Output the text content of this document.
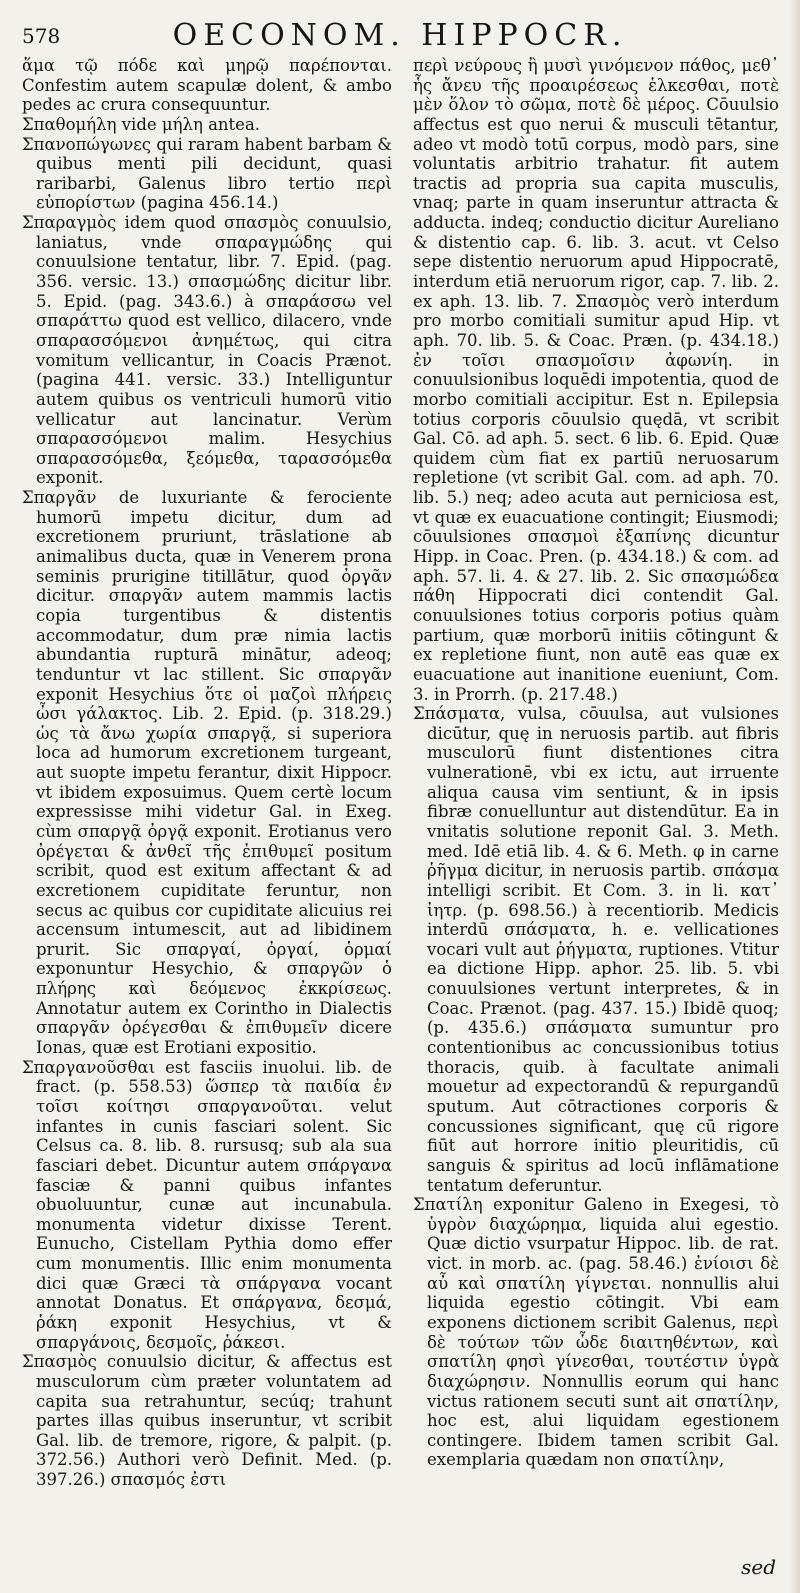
578	OECONOM. HIPPOCR.

ἅμα τῷ πόδε καὶ μηρῷ παρέπονται. Confestim autem scapulæ dolent, & ambo pedes ac crura consequuntur.

Σπαθομήλη vide μήλη antea.

Σπανοπώγωνες qui raram habent barbam & quibus menti pili decidunt, quasi raribarbi, Galenus libro tertio περὶ εὐπορίστων (pagina 456.14.)

Σπαραγμὸς idem quod σπασμὸς conuulsio, laniatus, vnde σπαραγμώδης qui conuulsione tentatur, libr. 7. Epid. (pag. 356. versic. 13.) σπασμώδης dicitur libr. 5. Epid. (pag. 343.6.) à σπαράσσω vel σπαράττω quod est vellico, dilacero, vnde σπαρασσόμενοι ἀνημέτως, qui citra vomitum vellicantur, in Coacis Prænot. (pagina 441. versic. 33.) Intelliguntur autem quibus os ventriculi humorū vitio vellicatur aut lancinatur. Verùm σπαρασσόμενοι malim. Hesychius σπαρασσόμεθα, ξεόμεθα, ταρασσόμεθα exponit.

Σπαργᾶν de luxuriante & ferociente humorū impetu dicitur, dum ad excretionem pruriunt, trāslatione ab animalibus ducta, quæ in Venerem prona seminis prurigine titillātur, quod ὀργᾶν dicitur. σπαργᾶν autem mammis lactis copia turgentibus & distentis accommodatur, dum præ nimia lactis abundantia rupturā minātur, adeoq; tenduntur vt lac stillent. Sic σπαργᾶν exponit Hesychius ὅτε οἱ μαζοὶ πλήρεις ὦσι γάλακτος. Lib. 2. Epid. (p. 318.29.) ὡς τὰ ἄνω χωρία σπαργᾷ, si superiora loca ad humorum excretionem turgeant, aut suopte impetu ferantur, dixit Hippocr. vt ibidem exposuimus. Quem certè locum expressisse mihi videtur Gal. in Exeg. cùm σπαργᾷ ὀργᾷ exponit. Erotianus vero ὀρέγεται & ἀνθεῖ τῆς ἐπιθυμεῖ positum scribit, quod est exitum affectant & ad excretionem cupiditate feruntur, non secus ac quibus cor cupiditate alicuius rei accensum intumescit, aut ad libidinem prurit. Sic σπαργαί, ὀργαί, ὁρμαί exponuntur Hesychio, & σπαργῶν ὁ πλήρης καὶ δεόμενος ἐκκρίσεως. Annotatur autem ex Corintho in Dialectis σπαργᾶν ὀρέγεσθαι & ἐπιθυμεῖν dicere Ionas, quæ est Erotiani expositio.

Σπαργανοῦσθαι est fasciis inuolui. lib. de fract. (p. 558.53) ὥσπερ τὰ παιδία ἐν τοῖσι κοίτησι σπαργανοῦται. velut infantes in cunis fasciari solent. Sic Celsus ca. 8. lib. 8. rursusq; sub ala sua fasciari debet. Dicuntur autem σπάργανα fasciæ & panni quibus infantes obuoluuntur, cunæ aut incunabula. monumenta videtur dixisse Terent. Eunucho, Cistellam Pythia domo effer cum monumentis. Illic enim monumenta dici quæ Græci τὰ σπάργανα vocant annotat Donatus. Et σπάργανα, δεσμά, ῥάκη exponit Hesychius, vt & σπαργάνοις, δεσμοῖς, ῥάκεσι.

Σπασμὸς conuulsio dicitur, & affectus est musculorum cùm præter voluntatem ad capita sua retrahuntur, secúq; trahunt partes illas quibus inseruntur, vt scribit Gal. lib. de tremore, rigore, & palpit. (p. 372.56.) Authori verò Definit. Med. (p. 397.26.) σπασμός ἐστι

περὶ νεύρους ἢ μυσὶ γινόμενον πάθος, μεθ᾽ ἧς ἄνευ τῆς προαιρέσεως ἑλκεσθαι, ποτὲ μὲν ὅλον τὸ σῶμα, ποτὲ δὲ μέρος. Cōuulsio affectus est quo nerui & musculi tētantur, adeo vt modò totū corpus, modò pars, sine voluntatis arbitrio trahatur. fit autem tractis ad propria sua capita musculis, vnaq; parte in quam inseruntur attracta & adducta. indeq; conductio dicitur Aureliano & distentio cap. 6. lib. 3. acut. vt Celso sepe distentio neruorum apud Hippocratē, interdum etiā neruorum rigor, cap. 7. lib. 2. ex aph. 13. lib. 7. Σπασμὸς verò interdum pro morbo comitiali sumitur apud Hip. vt aph. 70. lib. 5. & Coac. Præn. (p. 434.18.) ἐν τοῖσι σπασμοῖσιν ἀφωνίη. in conuulsionibus loquēdi impotentia, quod de morbo comitiali accipitur. Est n. Epilepsia totius corporis cōuulsio quędā, vt scribit Gal. Cō. ad aph. 5. sect. 6 lib. 6. Epid. Quæ quidem cùm fiat ex partiū neruosarum repletione (vt scribit Gal. com. ad aph. 70. lib. 5.) neq; adeo acuta aut perniciosa est, vt quæ ex euacuatione contingit; Eiusmodi; cōuulsiones σπασμοὶ ἐξαπίνης dicuntur Hipp. in Coac. Pren. (p. 434.18.) & com. ad aph. 57. li. 4. & 27. lib. 2. Sic σπασμώδεα πάθη Hippocrati dici contendit Gal. conuulsiones totius corporis potius quàm partium, quæ morborū initiis cōtingunt & ex repletione fiunt, non autē eas quæ ex euacuatione aut inanitione eueniunt, Com. 3. in Prorrh. (p. 217.48.)

Σπάσματα, vulsa, cōuulsa, aut vulsiones dicūtur, quę in neruosis partib. aut fibris musculorū fiunt distentiones citra vulnerationē, vbi ex ictu, aut irruente aliqua causa vim sentiunt, & in ipsis fibræ conuelluntur aut distendūtur. Ea in vnitatis solutione reponit Gal. 3. Meth. med. Idē etiā lib. 4. & 6. Meth. φ in carne ῥῆγμα dicitur, in neruosis partib. σπάσμα intelligi scribit. Et Com. 3. in li. κατ᾽ ἰητρ. (p. 698.56.) à recentiorib. Medicis interdū σπάσματα, h. e. vellicationes vocari vult aut ῥήγματα, ruptiones. Vtitur ea dictione Hipp. aphor. 25. lib. 5. vbi conuulsiones vertunt interpretes, & in Coac. Prænot. (pag. 437. 15.) Ibidē quoq; (p. 435.6.) σπάσματα sumuntur pro contentionibus ac concussionibus totius thoracis, quib. à facultate animali mouetur ad expectorandū & repurgandū sputum. Aut cōtractiones corporis & concussiones significant, quę cū rigore fiūt aut horrore initio pleuritidis, cū sanguis & spiritus ad locū inflāmatione tentatum deferuntur.

Σπατίλη exponitur Galeno in Exegesi, τὸ ὑγρὸν διαχώρημα, liquida alui egestio. Quæ dictio vsurpatur Hippoc. lib. de rat. vict. in morb. ac. (pag. 58.46.) ἐνίοισι δὲ αὖ καὶ σπατίλη γίγνεται. nonnullis alui liquida egestio cōtingit. Vbi eam exponens dictionem scribit Galenus, περὶ δὲ τούτων τῶν ὧδε διαιτηθέντων, καὶ σπατίλη φησὶ γίνεσθαι, τουτέστιν ὑγρὰ διαχώρησιν. Nonnullis eorum qui hanc victus rationem secuti sunt ait σπατίλην, hoc est, alui liquidam egestionem contingere. Ibidem tamen scribit Gal. exemplaria quædam non σπατίλην,

sed
